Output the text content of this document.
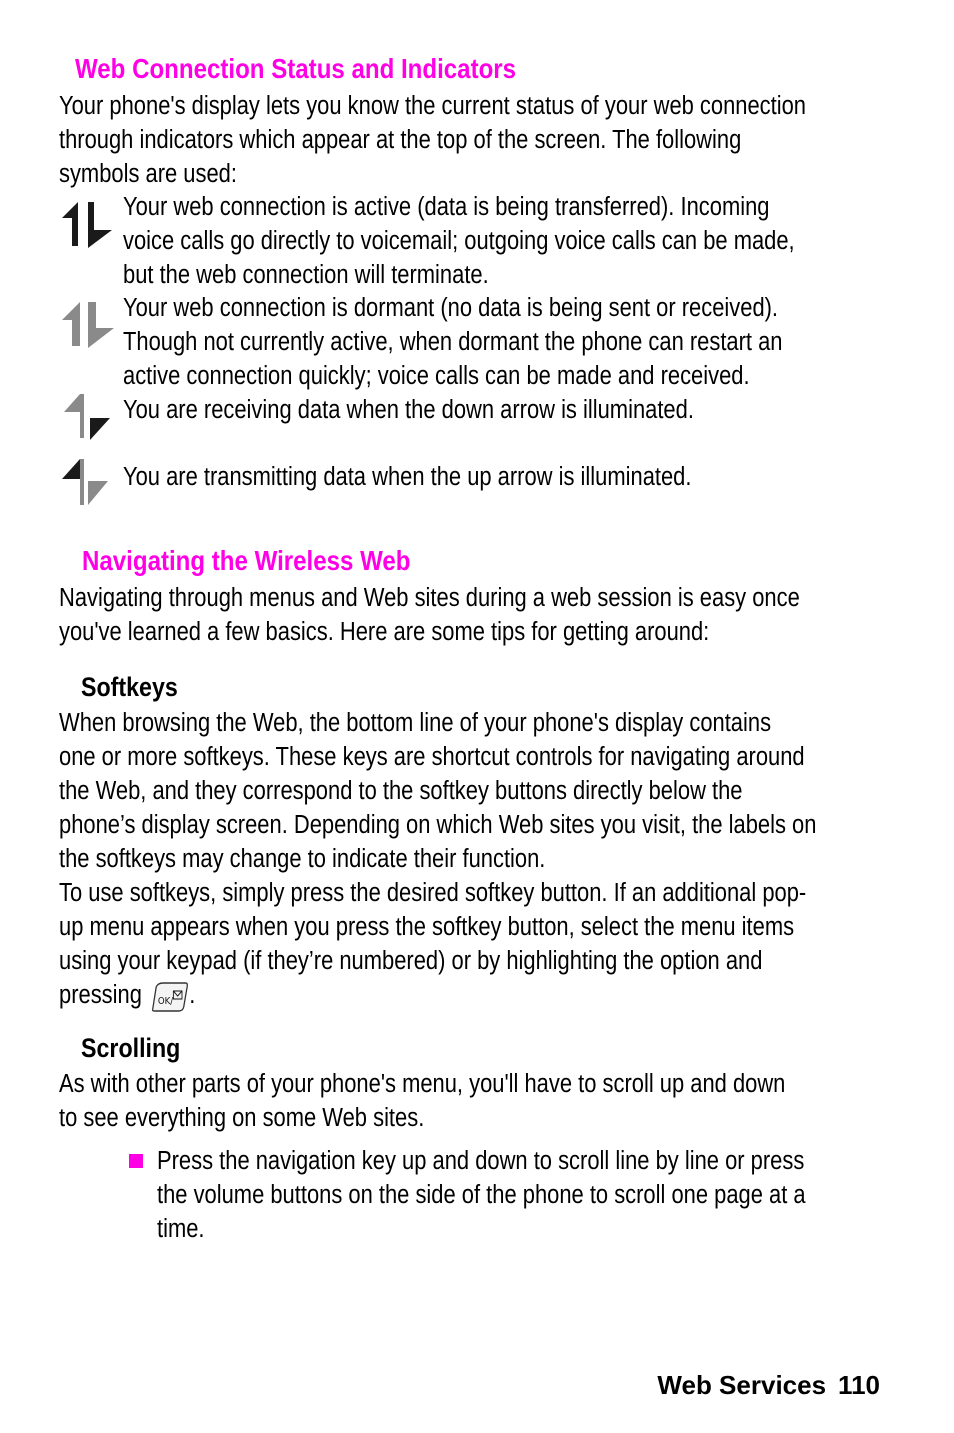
Web Connection Status and Indicators
Your phone's display lets you know the current status of your web connection
through indicators which appear at the top of the screen. The following
symbols are used:
Your web connection is active (data is being transferred). Incoming
voice calls go directly to voicemail; outgoing voice calls can be made,
but the web connection will terminate.
Your web connection is dormant (no data is being sent or received).
Though not currently active, when dormant the phone can restart an
active connection quickly; voice calls can be made and received.
You are receiving data when the down arrow is illuminated.
You are transmitting data when the up arrow is illuminated.
Navigating the Wireless Web
Navigating through menus and Web sites during a web session is easy once
you've learned a few basics. Here are some tips for getting around:
Softkeys
When browsing the Web, the bottom line of your phone's display contains
one or more softkeys. These keys are shortcut controls for navigating around
the Web, and they correspond to the softkey buttons directly below the
phone’s display screen. Depending on which Web sites you visit, the labels on
the softkeys may change to indicate their function.
To use softkeys, simply press the desired softkey button. If an additional pop-
up menu appears when you press the softkey button, select the menu items
using your keypad (if they’re numbered) or by highlighting the option and
pressing OK/ .
Scrolling
As with other parts of your phone's menu, you'll have to scroll up and down
to see everything on some Web sites.
Press the navigation key up and down to scroll line by line or press
the volume buttons on the side of the phone to scroll one page at a
time.
Web Services 110
